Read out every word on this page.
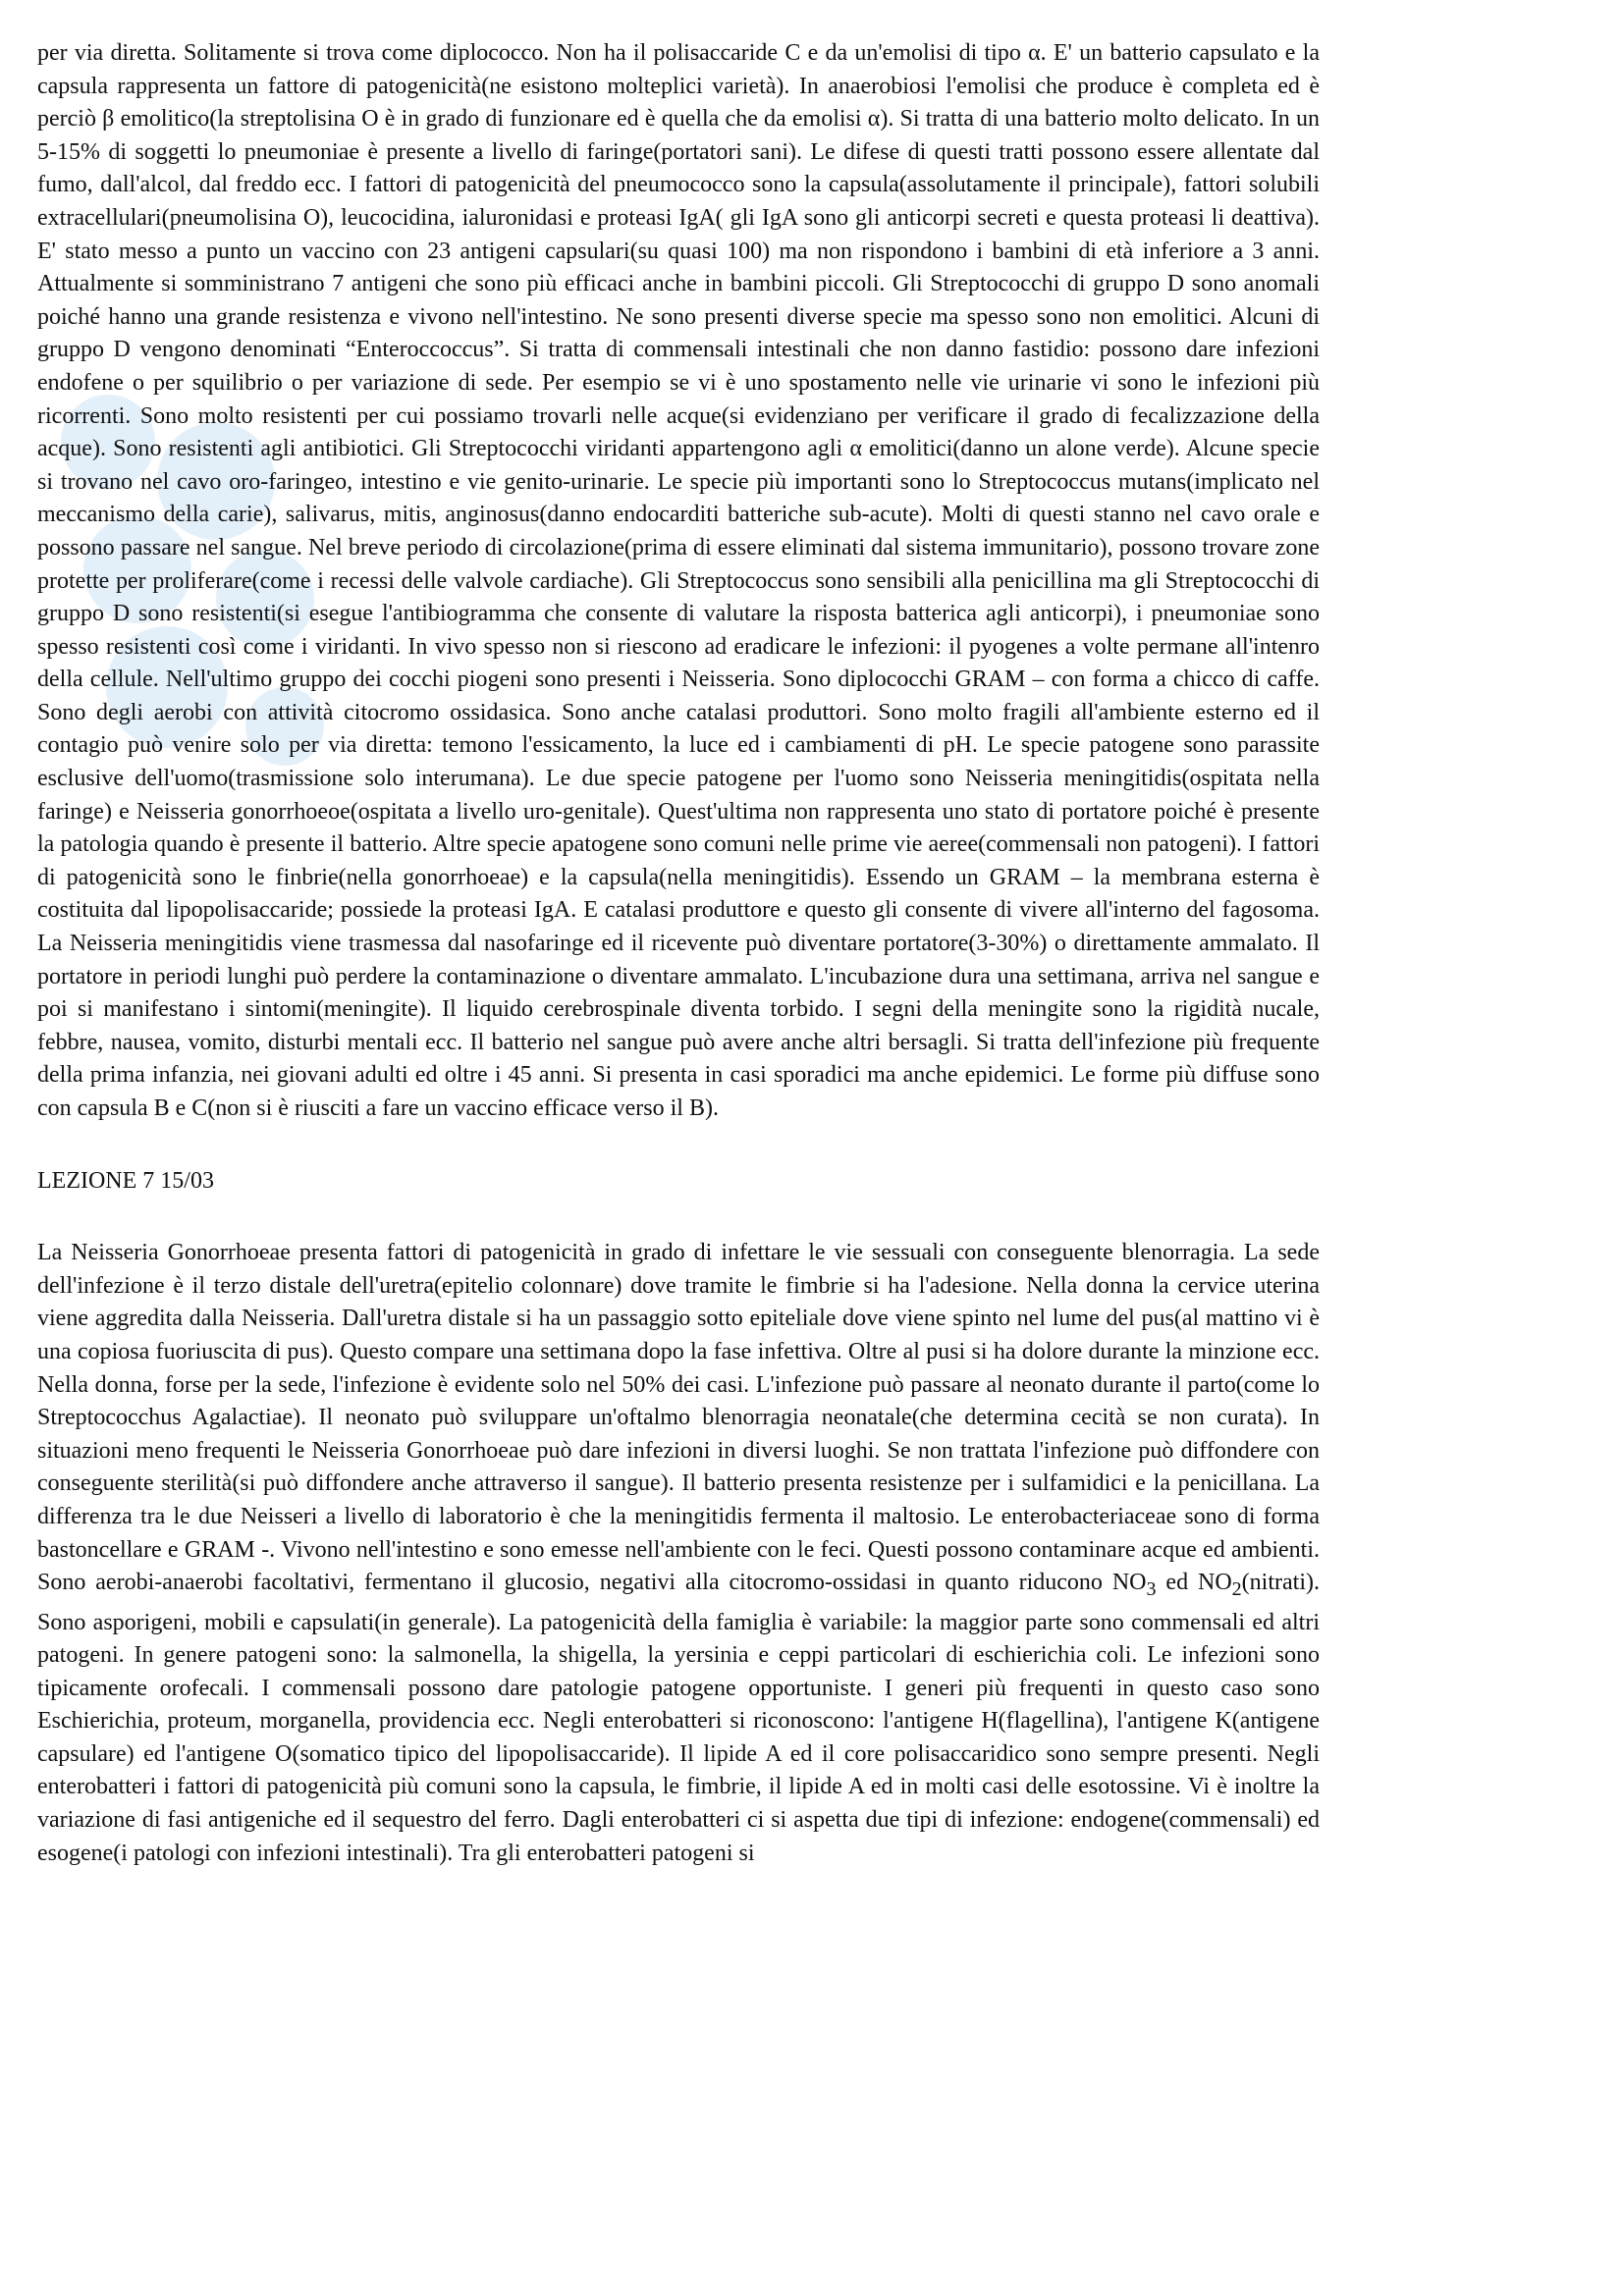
per via diretta. Solitamente si trova come diplococco. Non ha il polisaccaride C e da un'emolisi di tipo α. E' un batterio capsulato e la capsula rappresenta un fattore di patogenicità(ne esistono molteplici varietà). In anaerobiosi l'emolisi che produce è completa ed è perciò β emolitico(la streptolisina O è in grado di funzionare ed è quella che da emolisi α). Si tratta di una batterio molto delicato. In un 5-15% di soggetti lo pneumoniae è presente a livello di faringe(portatori sani). Le difese di questi tratti possono essere allentate dal fumo, dall'alcol, dal freddo ecc. I fattori di patogenicità del pneumococco sono la capsula(assolutamente il principale), fattori solubili extracellulari(pneumolisina O), leucocidina, ialuronidasi e proteasi IgA( gli IgA sono gli anticorpi secreti e questa proteasi li deattiva). E' stato messo a punto un vaccino con 23 antigeni capsulari(su quasi 100) ma non rispondono i bambini di età inferiore a 3 anni. Attualmente si somministrano 7 antigeni che sono più efficaci anche in bambini piccoli. Gli Streptococchi di gruppo D sono anomali poiché hanno una grande resistenza e vivono nell'intestino. Ne sono presenti diverse specie ma spesso sono non emolitici. Alcuni di gruppo D vengono denominati “Enteroccoccus”. Si tratta di commensali intestinali che non danno fastidio: possono dare infezioni endofene o per squilibrio o per variazione di sede. Per esempio se vi è uno spostamento nelle vie urinarie vi sono le infezioni più ricorrenti. Sono molto resistenti per cui possiamo trovarli nelle acque(si evidenziano per verificare il grado di fecalizzazione della acque). Sono resistenti agli antibiotici. Gli Streptococchi viridanti appartengono agli α emolitici(danno un alone verde). Alcune specie si trovano nel cavo oro-faringeo, intestino e vie genito-urinarie. Le specie più importanti sono lo Streptococcus mutans(implicato nel meccanismo della carie), salivarus, mitis, anginosus(danno endocarditi batteriche sub-acute). Molti di questi stanno nel cavo orale e possono passare nel sangue. Nel breve periodo di circolazione(prima di essere eliminati dal sistema immunitario), possono trovare zone protette per proliferare(come i recessi delle valvole cardiache). Gli Streptococcus sono sensibili alla penicillina ma gli Streptococchi di gruppo D sono resistenti(si esegue l'antibiogramma che consente di valutare la risposta batterica agli anticorpi), i pneumoniae sono spesso resistenti così come i viridanti. In vivo spesso non si riescono ad eradicare le infezioni: il pyogenes a volte permane all'intenro della cellule. Nell'ultimo gruppo dei cocchi piogeni sono presenti i Neisseria. Sono diplococchi GRAM – con forma a chicco di caffe. Sono degli aerobi con attività citocromo ossidasica. Sono anche catalasi produttori. Sono molto fragili all'ambiente esterno ed il contagio può venire solo per via diretta: temono l'essicamento, la luce ed i cambiamenti di pH. Le specie patogene sono parassite esclusive dell'uomo(trasmissione solo interumana). Le due specie patogene per l'uomo sono Neisseria meningitidis(ospitata nella faringe) e Neisseria gonorrhoeoe(ospitata a livello uro-genitale). Quest'ultima non rappresenta uno stato di portatore poiché è presente la patologia quando è presente il batterio. Altre specie apatogene sono comuni nelle prime vie aeree(commensali non patogeni). I fattori di patogenicità sono le finbrie(nella gonorrhoeae) e la capsula(nella meningitidis). Essendo un GRAM – la membrana esterna è costituita dal lipopolisaccaride; possiede la proteasi IgA. E catalasi produttore e questo gli consente di vivere all'interno del fagosoma. La Neisseria meningitidis viene trasmessa dal nasofaringe ed il ricevente può diventare portatore(3-30%) o direttamente ammalato. Il portatore in periodi lunghi può perdere la contaminazione o diventare ammalato. L'incubazione dura una settimana, arriva nel sangue e poi si manifestano i sintomi(meningite). Il liquido cerebrospinale diventa torbido. I segni della meningite sono la rigidità nucale, febbre, nausea, vomito, disturbi mentali ecc. Il batterio nel sangue può avere anche altri bersagli. Si tratta dell'infezione più frequente della prima infanzia, nei giovani adulti ed oltre i 45 anni. Si presenta in casi sporadici ma anche epidemici. Le forme più diffuse sono con capsula B e C(non si è riusciti a fare un vaccino efficace verso il B).

LEZIONE 7 15/03

La Neisseria Gonorrhoeae presenta fattori di patogenicità in grado di infettare le vie sessuali con conseguente blenorragia. La sede dell'infezione è il terzo distale dell'uretra(epitelio colonnare) dove tramite le fimbrie si ha l'adesione. Nella donna la cervice uterina viene aggredita dalla Neisseria. Dall'uretra distale si ha un passaggio sotto epiteliale dove viene spinto nel lume del pus(al mattino vi è una copiosa fuoriuscita di pus). Questo compare una settimana dopo la fase infettiva. Oltre al pusi si ha dolore durante la minzione ecc. Nella donna, forse per la sede, l'infezione è evidente solo nel 50% dei casi. L'infezione può passare al neonato durante il parto(come lo Streptococchus Agalactiae). Il neonato può sviluppare un'oftalmo blenorragia neonatale(che determina cecità se non curata). In situazioni meno frequenti le Neisseria Gonorrhoeae può dare infezioni in diversi luoghi. Se non trattata l'infezione può diffondere con conseguente sterilità(si può diffondere anche attraverso il sangue). Il batterio presenta resistenze per i sulfamidici e la penicillana. La differenza tra le due Neisseri a livello di laboratorio è che la meningitidis fermenta il maltosio. Le enterobacteriaceae sono di forma bastoncellare e GRAM -. Vivono nell'intestino e sono emesse nell'ambiente con le feci. Questi possono contaminare acque ed ambienti. Sono aerobi-anaerobi facoltativi, fermentano il glucosio, negativi alla citocromo-ossidasi in quanto riducono $NO_3$ ed $NO_2(nitrati)$. Sono asporigeni, mobili e capsulati(in generale). La patogenicità della famiglia è variabile: la maggior parte sono commensali ed altri patogeni. In genere patogeni sono: la salmonella, la shigella, la yersinia e ceppi particolari di eschierichia coli. Le infezioni sono tipicamente orofecali. I commensali possono dare patologie patogene opportuniste. I generi più frequenti in questo caso sono Eschierichia, proteum, morganella, providencia ecc. Negli enterobatteri si riconoscono: l'antigene H(flagellina), l'antigene K(antigene capsulare) ed l'antigene O(somatico tipico del lipopolisaccaride). Il lipide A ed il core polisaccaridico sono sempre presenti. Negli enterobatteri i fattori di patogenicità più comuni sono la capsula, le fimbrie, il lipide A ed in molti casi delle esotossine. Vi è inoltre la variazione di fasi antigeniche ed il sequestro del ferro. Dagli enterobatteri ci si aspetta due tipi di infezione: endogene(commensali) ed esogene(i patologi con infezioni intestinali). Tra gli enterobatteri patogeni si
